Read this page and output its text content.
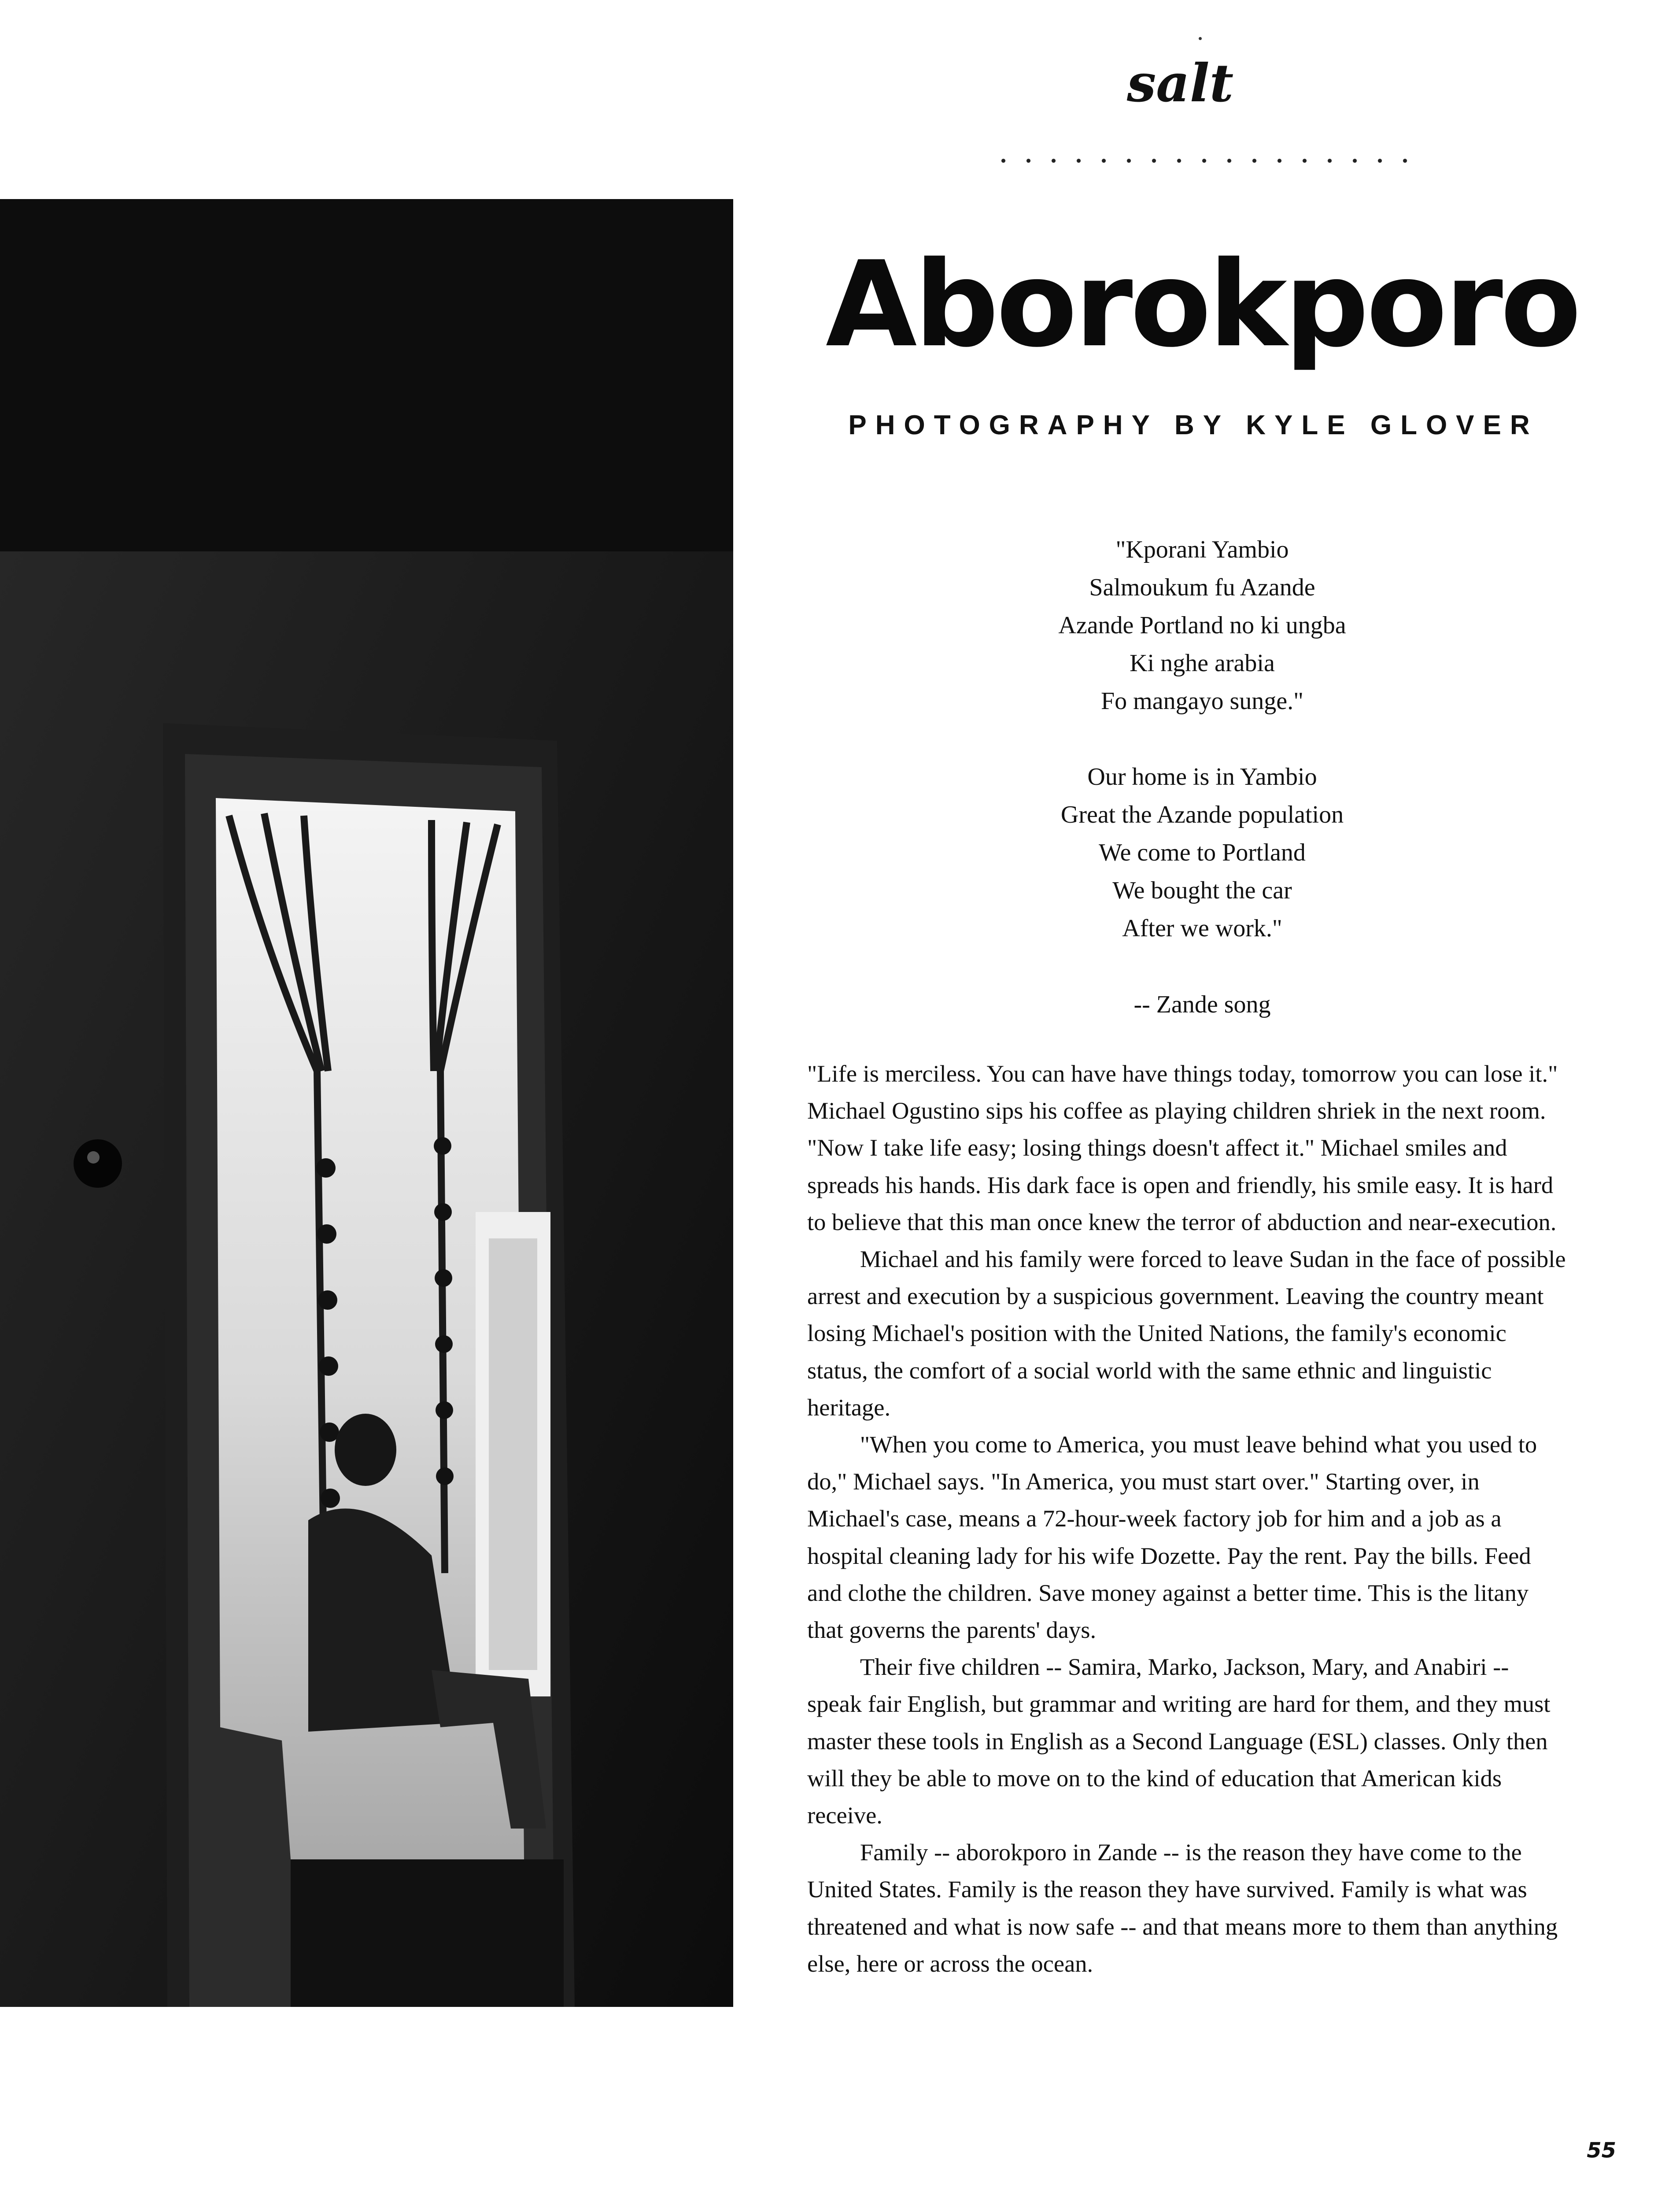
salt
Aborokporo
PHOTOGRAPHY BY KYLE GLOVER
"Kporani Yambio
Salmoukum fu Azande
Azande Portland no ki ungba
Ki nghe arabia
Fo mangayo sunge."
Our home is in Yambio
Great the Azande population
We come to Portland
We bought the car
After we work."
-- Zande song

"Life is merciless. You can have have things today, tomorrow you can lose it." Michael Ogustino sips his coffee as playing children shriek in the next room. "Now I take life easy; losing things doesn't affect it." Michael smiles and spreads his hands. His dark face is open and friendly, his smile easy. It is hard to believe that this man once knew the terror of abduction and near-execution.

Michael and his family were forced to leave Sudan in the face of possible arrest and execution by a suspicious government. Leaving the country meant losing Michael's position with the United Nations, the family's economic status, the comfort of a social world with the same ethnic and linguistic heritage.

"When you come to America, you must leave behind what you used to do," Michael says. "In America, you must start over." Starting over, in Michael's case, means a 72-hour-week factory job for him and a job as a hospital cleaning lady for his wife Dozette. Pay the rent. Pay the bills. Feed and clothe the children. Save money against a better time. This is the litany that governs the parents' days.

Their five children -- Samira, Marko, Jackson, Mary, and Anabiri -- speak fair English, but grammar and writing are hard for them, and they must master these tools in English as a Second Language (ESL) classes. Only then will they be able to move on to the kind of education that American kids receive.

Family -- aborokporo in Zande -- is the reason they have come to the United States. Family is the reason they have survived. Family is what was threatened and what is now safe -- and that means more to them than anything else, here or across the ocean.

55
